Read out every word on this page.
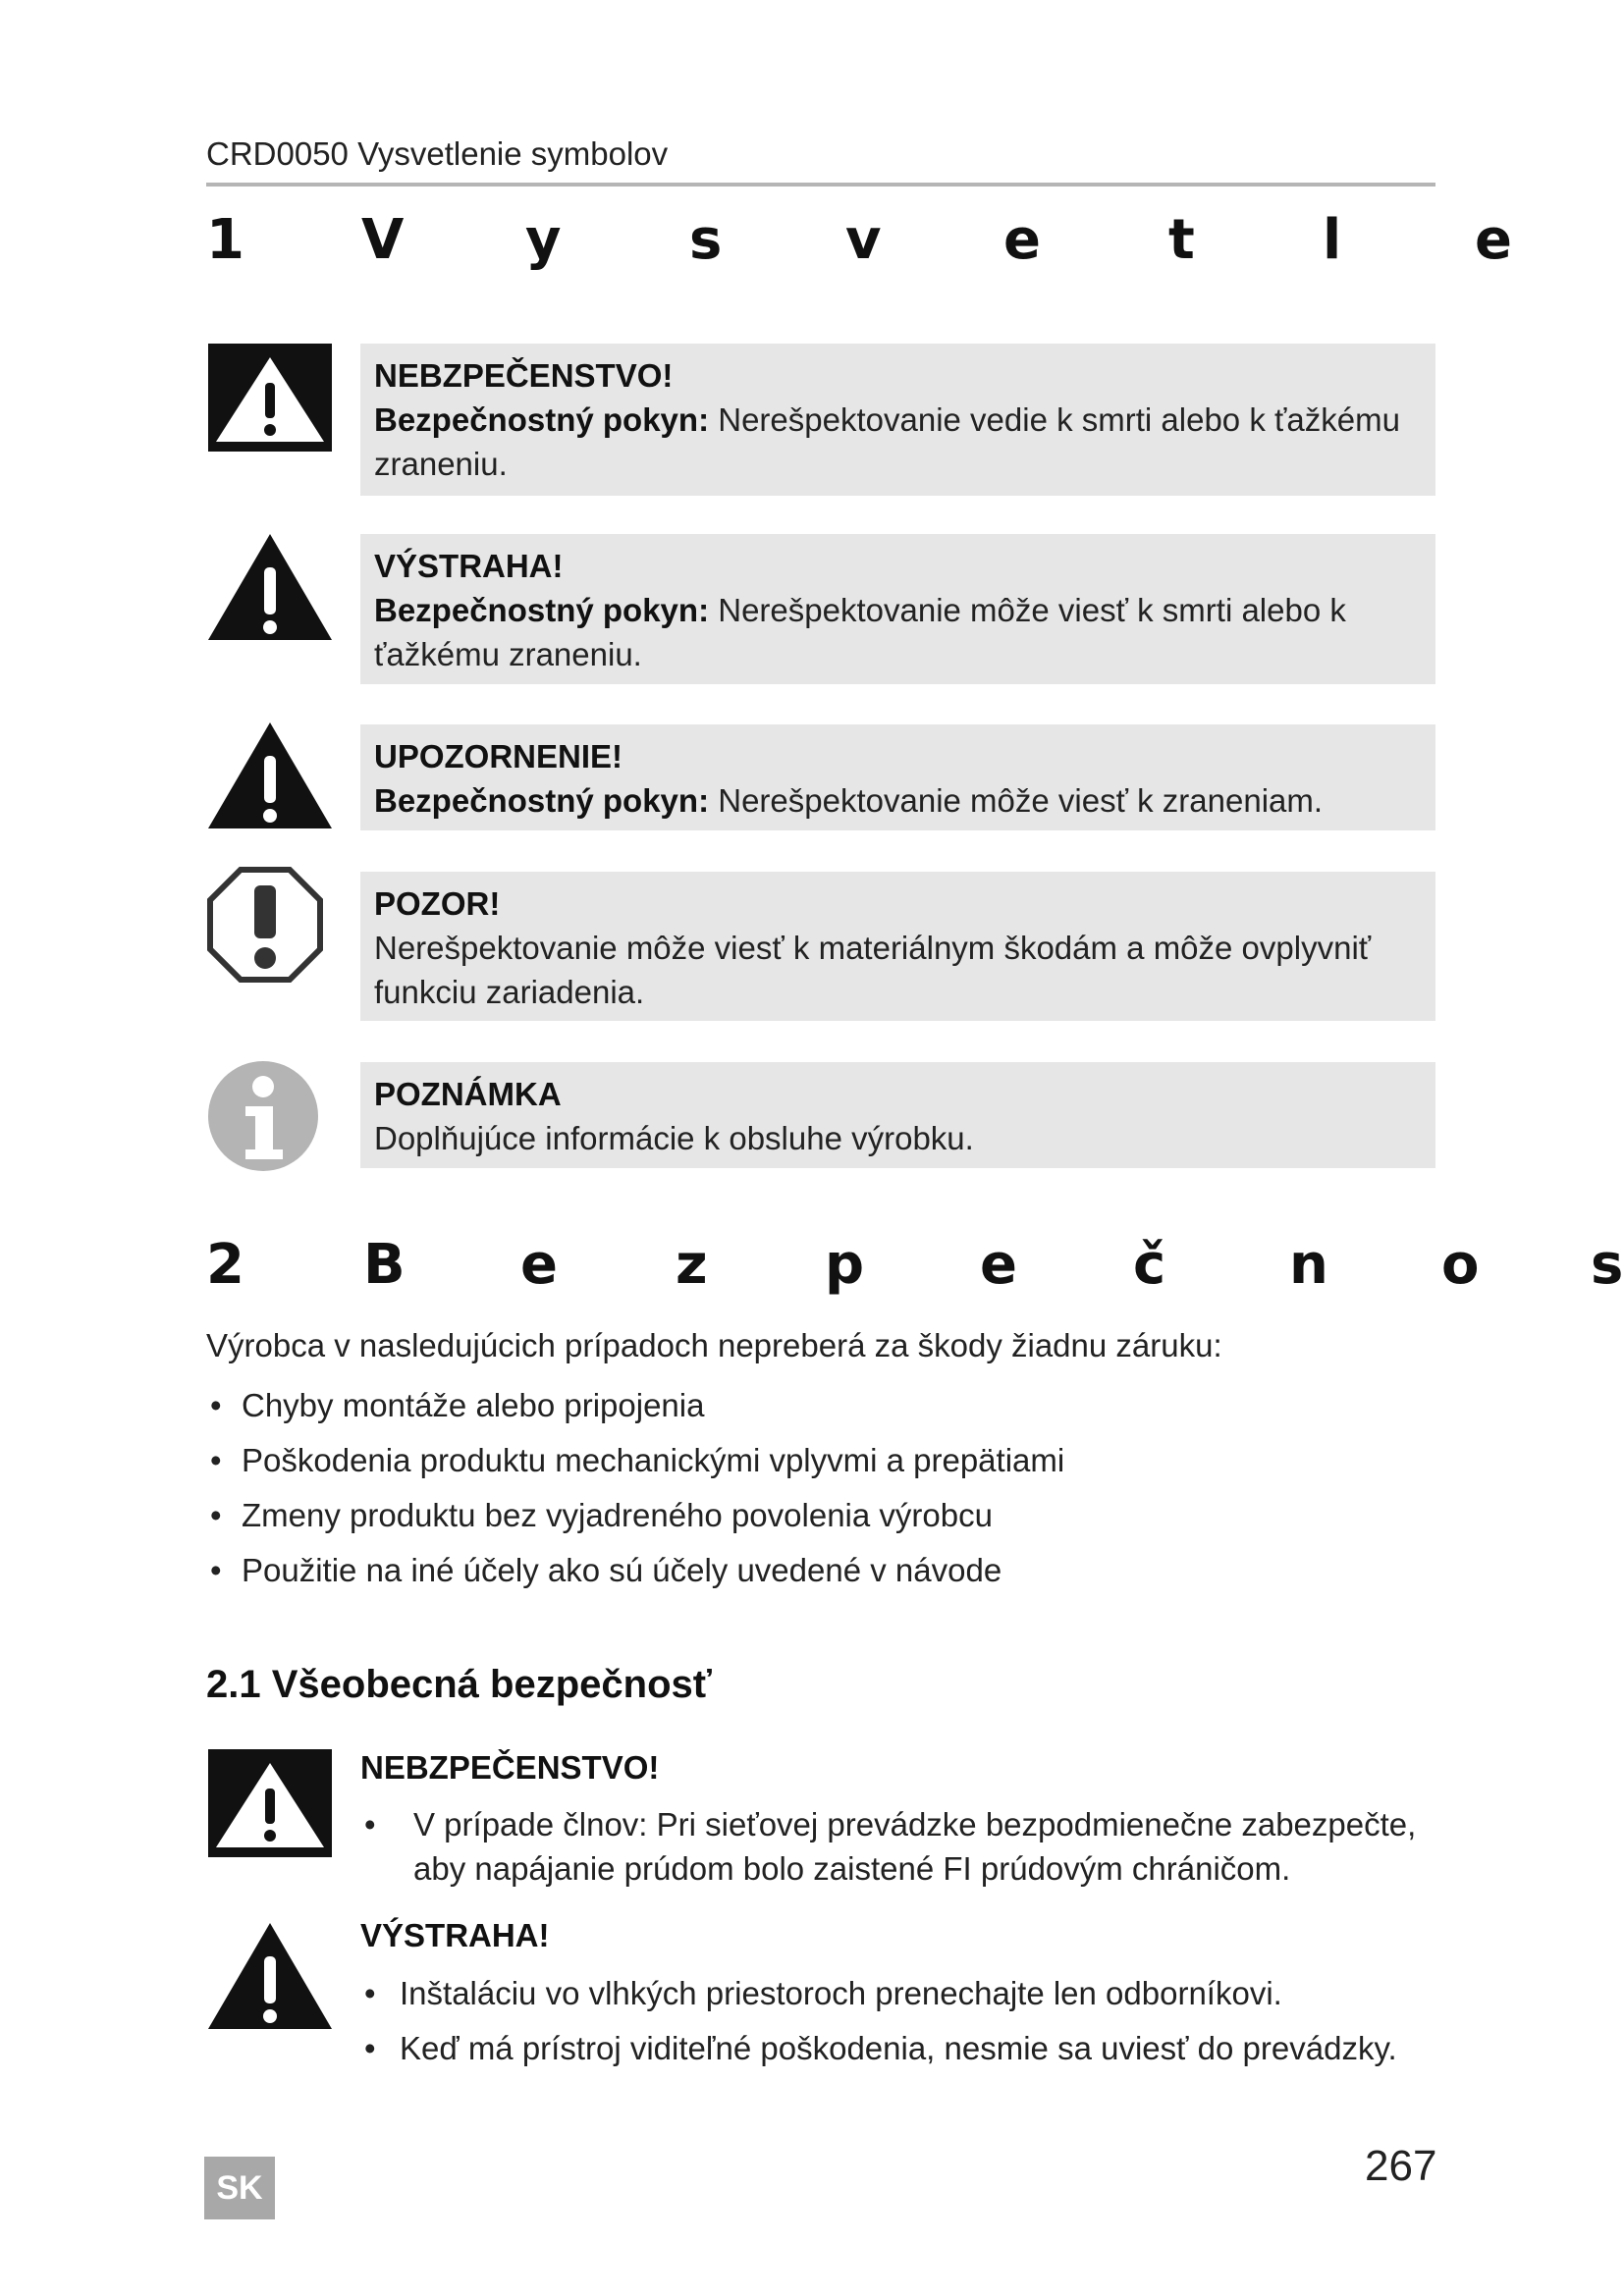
CRD0050 Vysvetlenie symbolov
1 V y s v e t l e
NEBZPEČENSTVO!
Bezpečnostný pokyn: Nerešpektovanie vedie k smrti alebo k ťažkému zraneniu.
VÝSTRAHA!
Bezpečnostný pokyn: Nerešpektovanie môže viesť k smrti alebo k ťažkému zraneniu.
UPOZORNENIE!
Bezpečnostný pokyn: Nerešpektovanie môže viesť k zraneniam.
POZOR!
Nerešpektovanie môže viesť k materiálnym škodám a môže ovplyvniť funkciu zariadenia.
POZNÁMKA
Doplňujúce informácie k obsluhe výrobku.
2 B e z p e č n o s
Výrobca v nasledujúcich prípadoch nepreberá za škody žiadnu záruku:
• Chyby montáže alebo pripojenia
• Poškodenia produktu mechanickými vplyvmi a prepätiami
• Zmeny produktu bez vyjadreného povolenia výrobcu
• Použitie na iné účely ako sú účely uvedené v návode
2.1 Všeobecná bezpečnosť
NEBZPEČENSTVO!
• V prípade člnov: Pri sieťovej prevádzke bezpodmienečne zabezpečte, aby napájanie prúdom bolo zaistené FI prúdovým chráničom.
VÝSTRAHA!
• Inštaláciu vo vlhkých priestoroch prenechajte len odborníkovi.
• Keď má prístroj viditeľné poškodenia, nesmie sa uviesť do prevádzky.
SK	267
